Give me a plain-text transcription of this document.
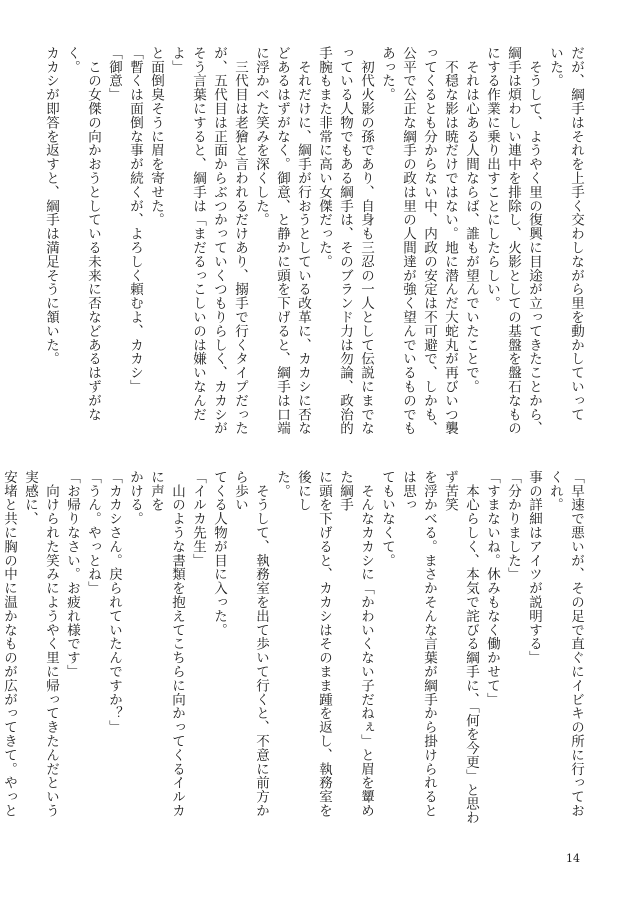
だが、綱手はそれを上手く交わしながら里を動かしていって

いた。

　そうして、ようやく里の復興に目途が立ってきたことから、

綱手は煩わしい連中を排除し、火影としての基盤を盤石なもの

にする作業に乗り出すことにしたらしい。

　それは心ある人間ならば、誰もが望んでいたことで。

　不穏な影は暁だけではない。地に潜んだ大蛇丸が再びいつ襲

ってくるとも分からない中、内政の安定は不可避で、しかも、

公平で公正な綱手の政は里の人間達が強く望んでいるものでも

あった。

　初代火影の孫であり、自身も三忍の一人として伝説にまでな

っている人物でもある綱手は、そのブランド力は勿論、政治的

手腕もまた非常に高い女傑だった。

　それだけに、綱手が行おうとしている改革に、カカシに否な

どあるはずがなく。御意、と静かに頭を下げると、綱手は口端

に浮かべた笑みを深くした。

　三代目は老獪と言われるだけあり、搦手で行くタイプだった

が、五代目は正面からぶつかっていくつもりらしく、カカシが

そう言葉にすると、綱手は「まだるっこしいのは嫌いなんだよ」

と面倒臭そうに眉を寄せた。

「暫くは面倒な事が続くが、よろしく頼むよ、カカシ」

「御意」

　この女傑の向かおうとしている未来に否などあるはずがなく。

カカシが即答を返すと、綱手は満足そうに頷いた。

「早速で悪いが、その足で直ぐにイビキの所に行っておくれ。

事の詳細はアイツが説明する」

「分かりました」

「すまないね。休みもなく働かせて」

　本心らしく、本気で詫びる綱手に、「何を今更」と思わず苦笑

を浮かべる。まさかそんな言葉が綱手から掛けられるとは思っ

てもいなくて。

　そんなカカシに「かわいくない子だねぇ」と眉を顰めた綱手

に頭を下げると、カカシはそのまま踵を返し、執務室を後にし

た。

　そうして、執務室を出て歩いて行くと、不意に前方から歩い

てくる人物が目に入った。

「イルカ先生」

　山のような書類を抱えてこちらに向かってくるイルカに声を

かける。

「カカシさん。戻られていたんですか？」

「うん。やっとね」

「お帰りなさい。お疲れ様です」

　向けられた笑みにようやく里に帰ってきたんだという実感に、

安堵と共に胸の中に温かなものが広がってきて。やっと

14
